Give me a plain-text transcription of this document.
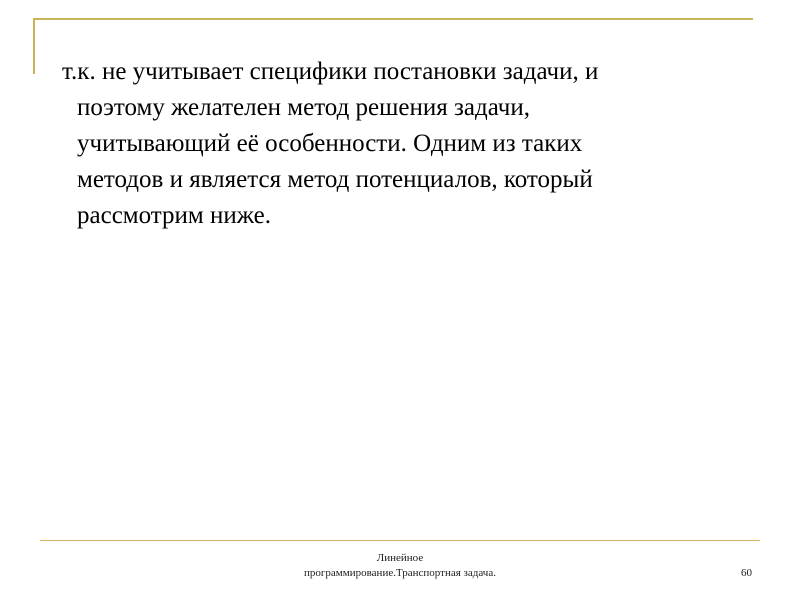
т.к. не учитывает специфики постановки задачи, и
поэтому желателен метод решения задачи,
учитывающий её особенности. Одним из таких
методов и является метод потенциалов, который
рассмотрим ниже.

Линейное
программирование.Транспортная задача.	60
